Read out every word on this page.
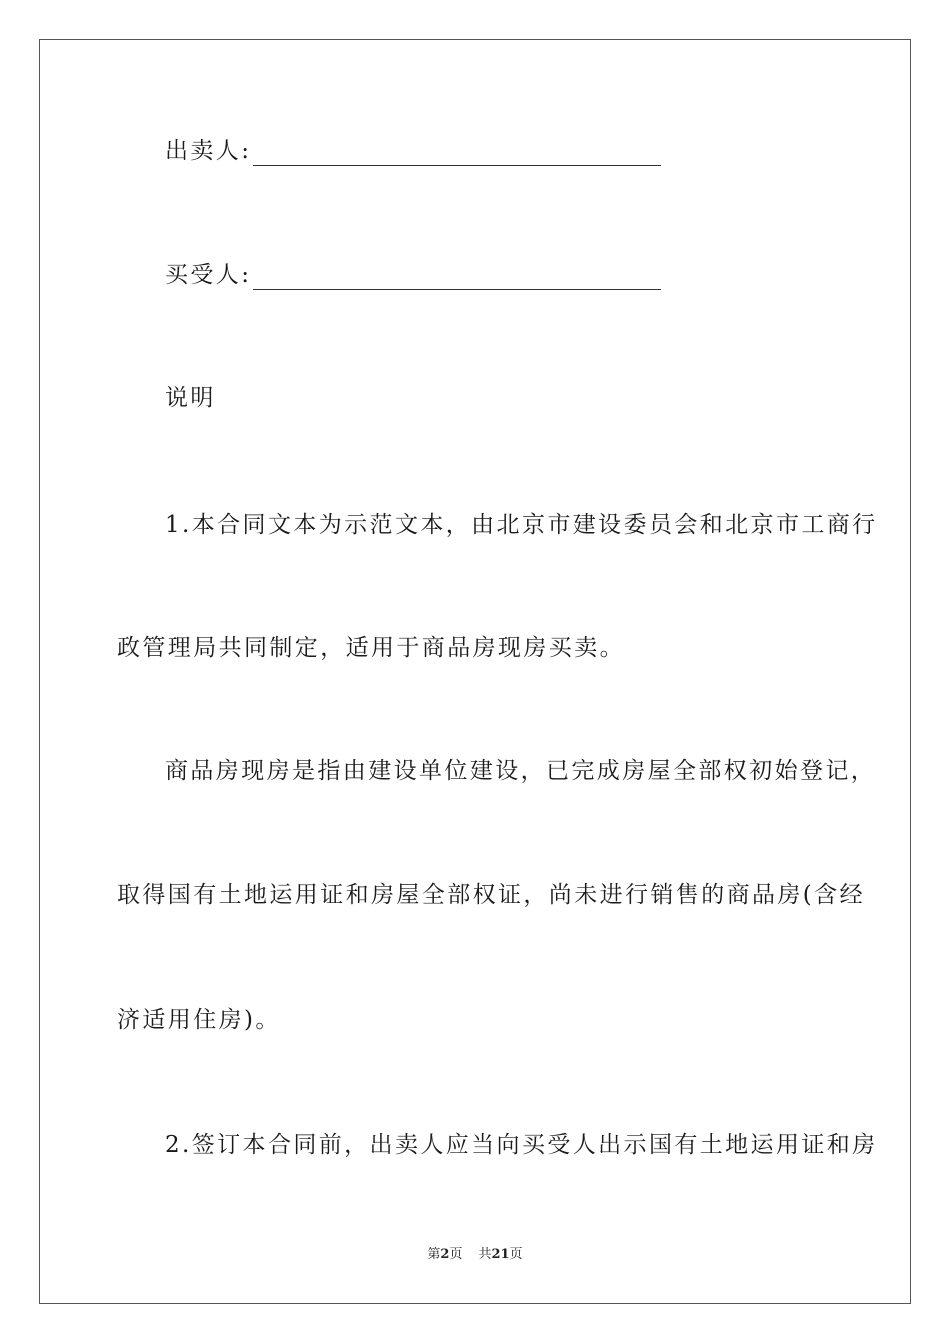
出卖人:
买受人:
说明
1.本合同文本为示范文本，由北京市建设委员会和北京市工商行
政管理局共同制定，适用于商品房现房买卖。
商品房现房是指由建设单位建设，已完成房屋全部权初始登记，
取得国有土地运用证和房屋全部权证，尚未进行销售的商品房(含经
济适用住房)。
2.签订本合同前，出卖人应当向买受人出示国有土地运用证和房
第2页 共21页
